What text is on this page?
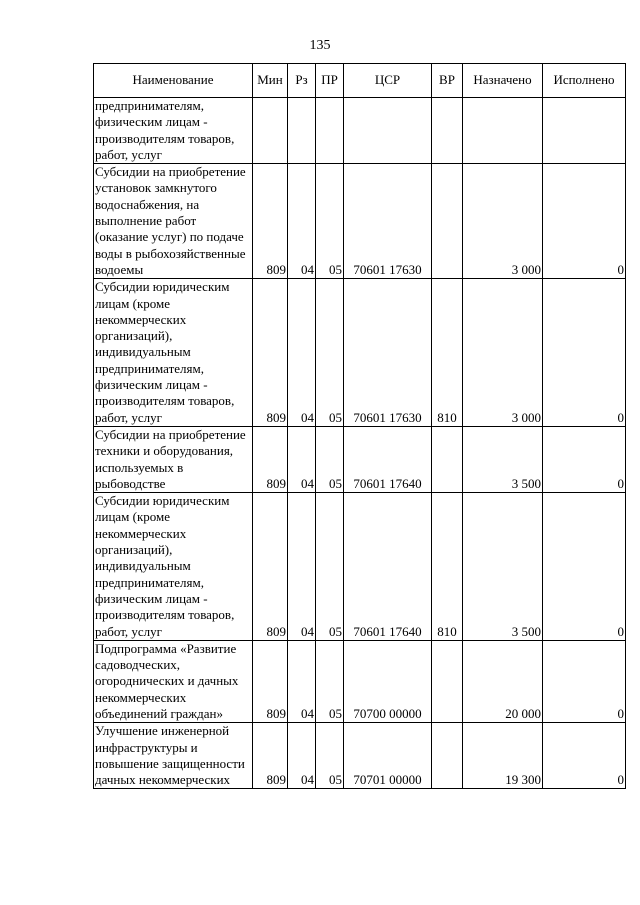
135
Наименование	Мин	Рз	ПР	ЦСР	ВР	Назначено	Исполнено

предпринимателям, физическим лицам - производителям товаров, работ, услуг							

Субсидии на приобретение установок замкнутого водоснабжения, на выполнение работ (оказание услуг) по подаче воды в рыбохозяйственные водоемы	809	04	05	70601 17630		3 000	0

Субсидии юридическим лицам (кроме некоммерческих организаций), индивидуальным предпринимателям, физическим лицам - производителям товаров, работ, услуг	809	04	05	70601 17630	810	3 000	0

Субсидии на приобретение техники и оборудования, используемых в рыбоводстве	809	04	05	70601 17640		3 500	0

Субсидии юридическим лицам (кроме некоммерческих организаций), индивидуальным предпринимателям, физическим лицам - производителям товаров, работ, услуг	809	04	05	70601 17640	810	3 500	0

Подпрограмма «Развитие садоводческих, огороднических и дачных некоммерческих объединений граждан»	809	04	05	70700 00000		20 000	0

Улучшение инженерной инфраструктуры и повышение защищенности дачных некоммерческих	809	04	05	70701 00000		19 300	0
